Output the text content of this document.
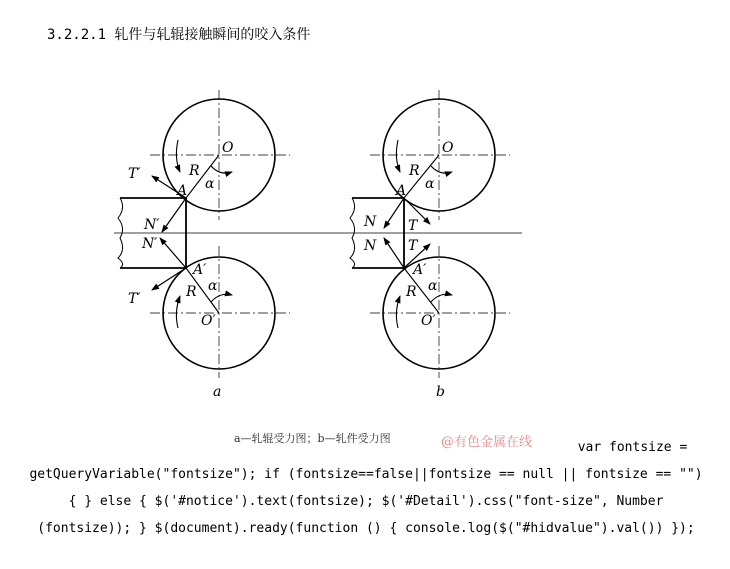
3.2.2.1 轧件与轧辊接触瞬间的咬入条件
O
R
α
A
T′
N′
N′
A′
R α
O′
T′
a
O
R
α
A
N T
N T
A′
R α
O′
b
a—轧辊受力图；b—轧件受力图	@有色金属在线	var fontsize =
getQueryVariable("fontsize"); if (fontsize==false||fontsize == null || fontsize == "")
{ } else { $('#notice').text(fontsize); $('#Detail').css("font-size", Number
(fontsize)); } $(document).ready(function () { console.log($("#hidvalue").val()) });
